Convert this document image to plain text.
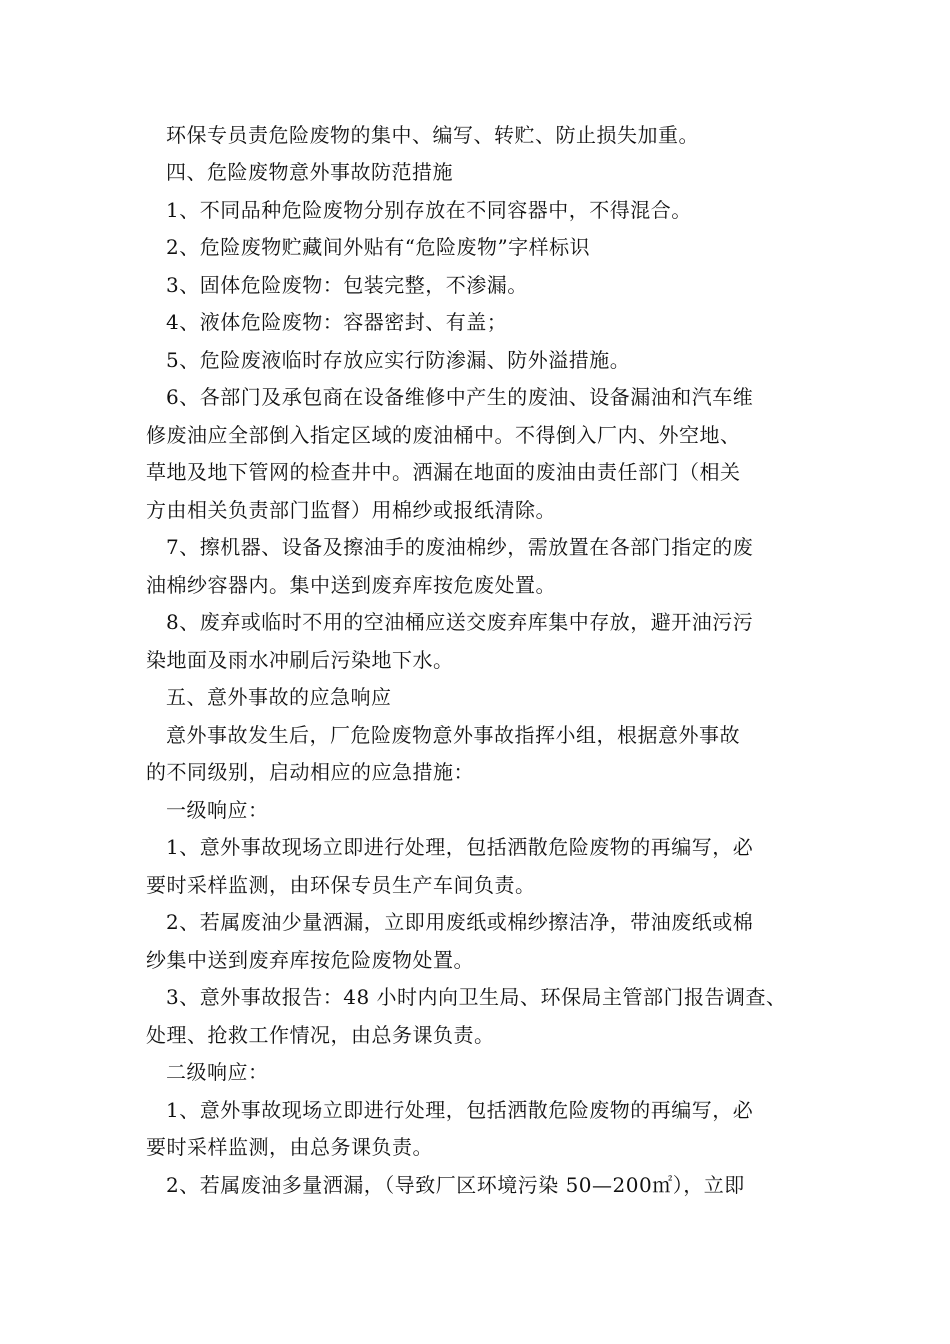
环保专员责危险废物的集中、编写、转贮、防止损失加重。
四、危险废物意外事故防范措施
1、不同品种危险废物分别存放在不同容器中，不得混合。
2、危险废物贮藏间外贴有“危险废物”字样标识
3、固体危险废物：包装完整，不渗漏。
4、液体危险废物：容器密封、有盖；
5、危险废液临时存放应实行防渗漏、防外溢措施。
6、各部门及承包商在设备维修中产生的废油、设备漏油和汽车维
修废油应全部倒入指定区域的废油桶中。不得倒入厂内、外空地、
草地及地下管网的检查井中。洒漏在地面的废油由责任部门（相关
方由相关负责部门监督）用棉纱或报纸清除。
7、擦机器、设备及擦油手的废油棉纱，需放置在各部门指定的废
油棉纱容器内。集中送到废弃库按危废处置。
8、废弃或临时不用的空油桶应送交废弃库集中存放，避开油污污
染地面及雨水冲刷后污染地下水。
五、意外事故的应急响应
意外事故发生后，厂危险废物意外事故指挥小组，根据意外事故
的不同级别，启动相应的应急措施：
一级响应：
1、意外事故现场立即进行处理，包括洒散危险废物的再编写，必
要时采样监测，由环保专员生产车间负责。
2、若属废油少量洒漏，立即用废纸或棉纱擦洁净，带油废纸或棉
纱集中送到废弃库按危险废物处置。
3、意外事故报告：48 小时内向卫生局、环保局主管部门报告调查、
处理、抢救工作情况，由总务课负责。
二级响应：
1、意外事故现场立即进行处理，包括洒散危险废物的再编写，必
要时采样监测，由总务课负责。
2、若属废油多量洒漏，（导致厂区环境污染 50—200㎡），立即
